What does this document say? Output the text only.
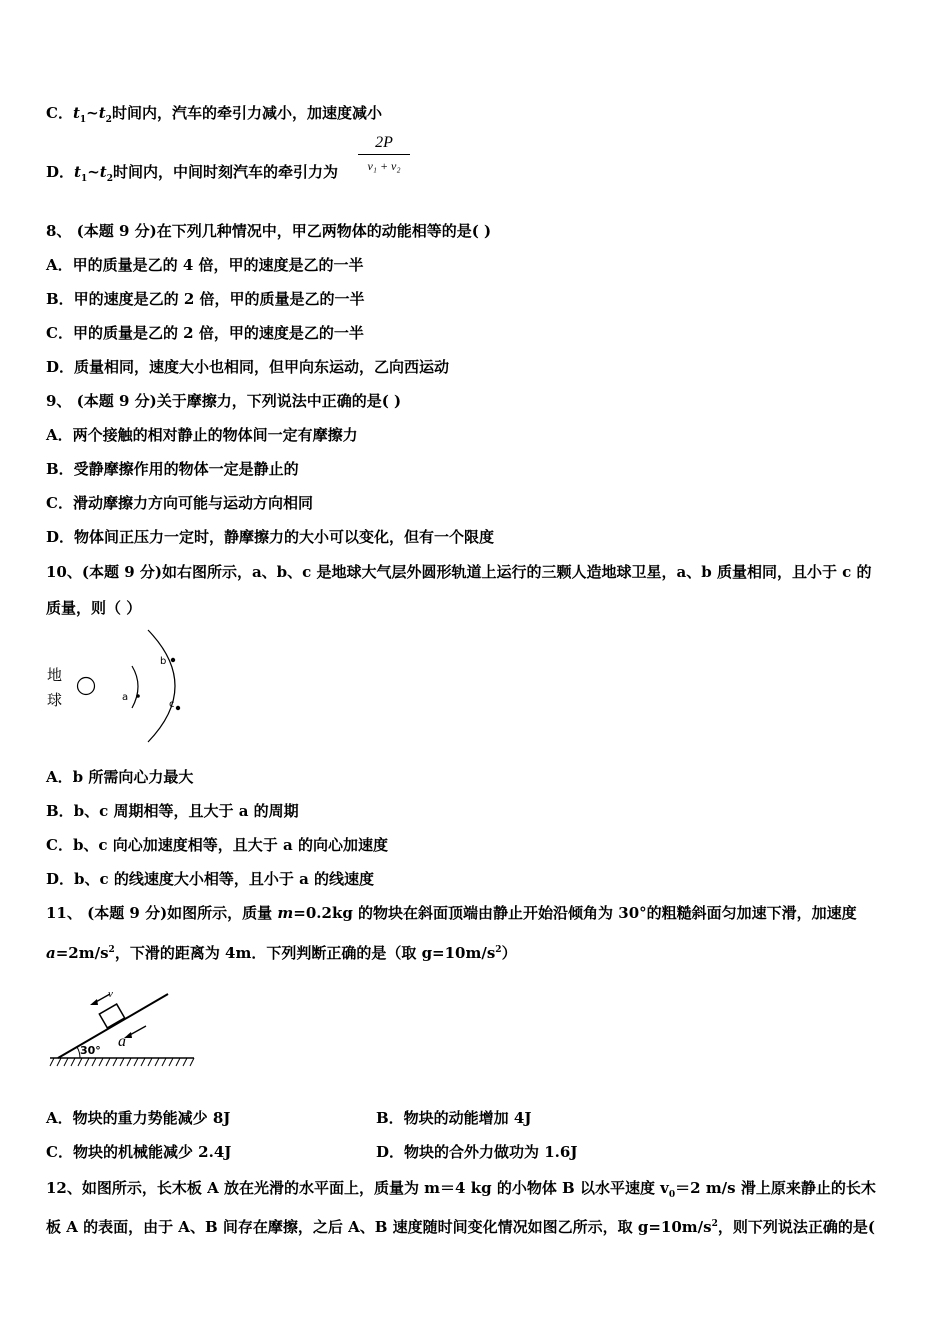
C．$t_1\sim t_2$时间内，汽车的牵引力减小，加速度减小
D．$t_1\sim t_2$时间内，中间时刻汽车的牵引力为
2P
v₁ + v₂
8、 (本题 9 分)在下列几种情况中，甲乙两物体的动能相等的是( )
A．甲的质量是乙的 4 倍，甲的速度是乙的一半
B．甲的速度是乙的 2 倍，甲的质量是乙的一半
C．甲的质量是乙的 2 倍，甲的速度是乙的一半
D．质量相同，速度大小也相同，但甲向东运动，乙向西运动
9、 (本题 9 分)关于摩擦力，下列说法中正确的是( )
A．两个接触的相对静止的物体间一定有摩擦力
B．受静摩擦作用的物体一定是静止的
C．滑动摩擦力方向可能与运动方向相同
D．物体间正压力一定时，静摩擦力的大小可以变化，但有一个限度
10、(本题 9 分)如右图所示，a、b、c 是地球大气层外圆形轨道上运行的三颗人造地球卫星，a、b 质量相同，且小于 c 的
质量，则（ ）
地
球	a
b
c
A．b 所需向心力最大
B．b、c 周期相等，且大于 a 的周期
C．b、c 向心加速度相等，且大于 a 的向心加速度
D．b、c 的线速度大小相等，且小于 a 的线速度
11、 (本题 9 分)如图所示，质量 m=0.2kg 的物块在斜面顶端由静止开始沿倾角为 30°的粗糙斜面匀加速下滑，加速度
$a=2m/s^2$，下滑的距离为 4m．下列判断正确的是（取 $g=10m/s^2$）
30°
v
a
A．物块的重力势能减少 8J	B．物块的动能增加 4J
C．物块的机械能减少 2.4J	D．物块的合外力做功为 1.6J
12、如图所示，长木板 A 放在光滑的水平面上，质量为 m＝4 kg 的小物体 B 以水平速度 $v_0=2$ m/s 滑上原来静止的长木
板 A 的表面，由于 A、B 间存在摩擦，之后 A、B 速度随时间变化情况如图乙所示，取 $g=10m/s^2$，则下列说法正确的是(
